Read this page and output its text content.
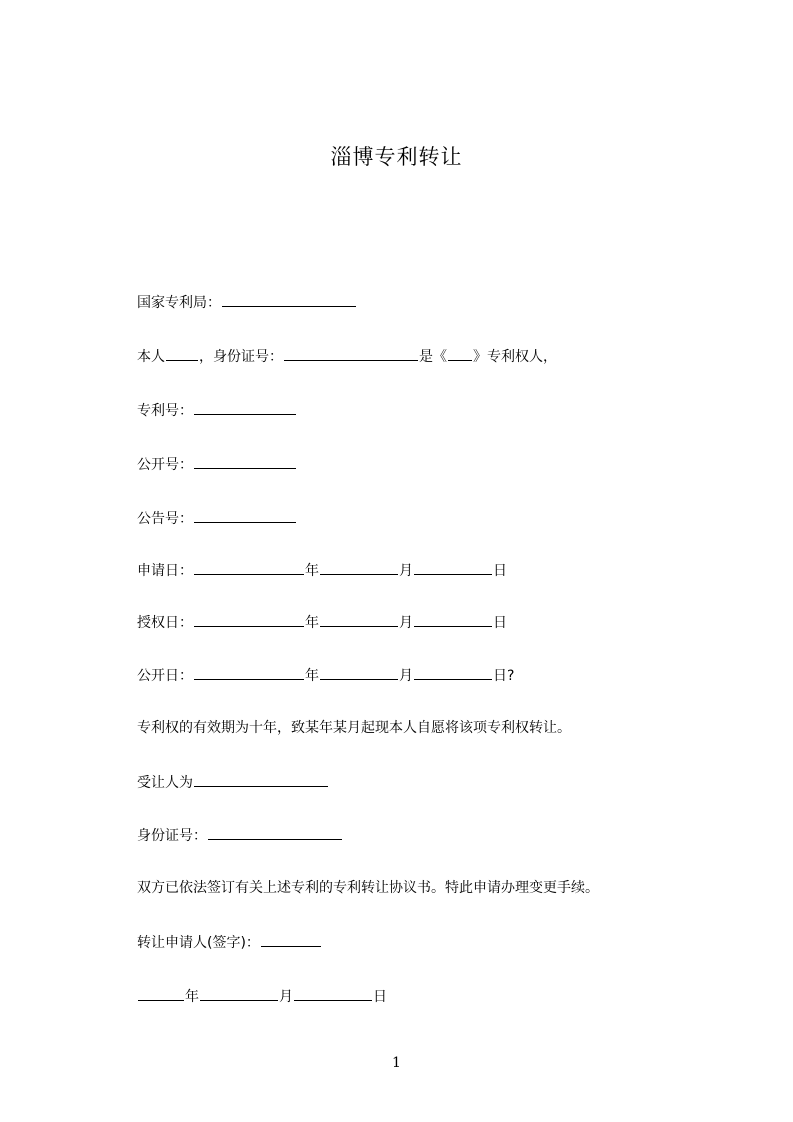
淄博专利转让
国家专利局：
本人 ，身份证号：	是《 》专利权人，
专利号：
公开号：
公告号：
申请日：	年	月	日
授权日：	年	月	日
公开日：	年	月	日?
专利权的有效期为十年，致某年某月起现本人自愿将该项专利权转让。
受让人为
身份证号：
双方已依法签订有关上述专利的专利转让协议书。特此申请办理变更手续。
转让申请人(签字)：
年	月	日
1
